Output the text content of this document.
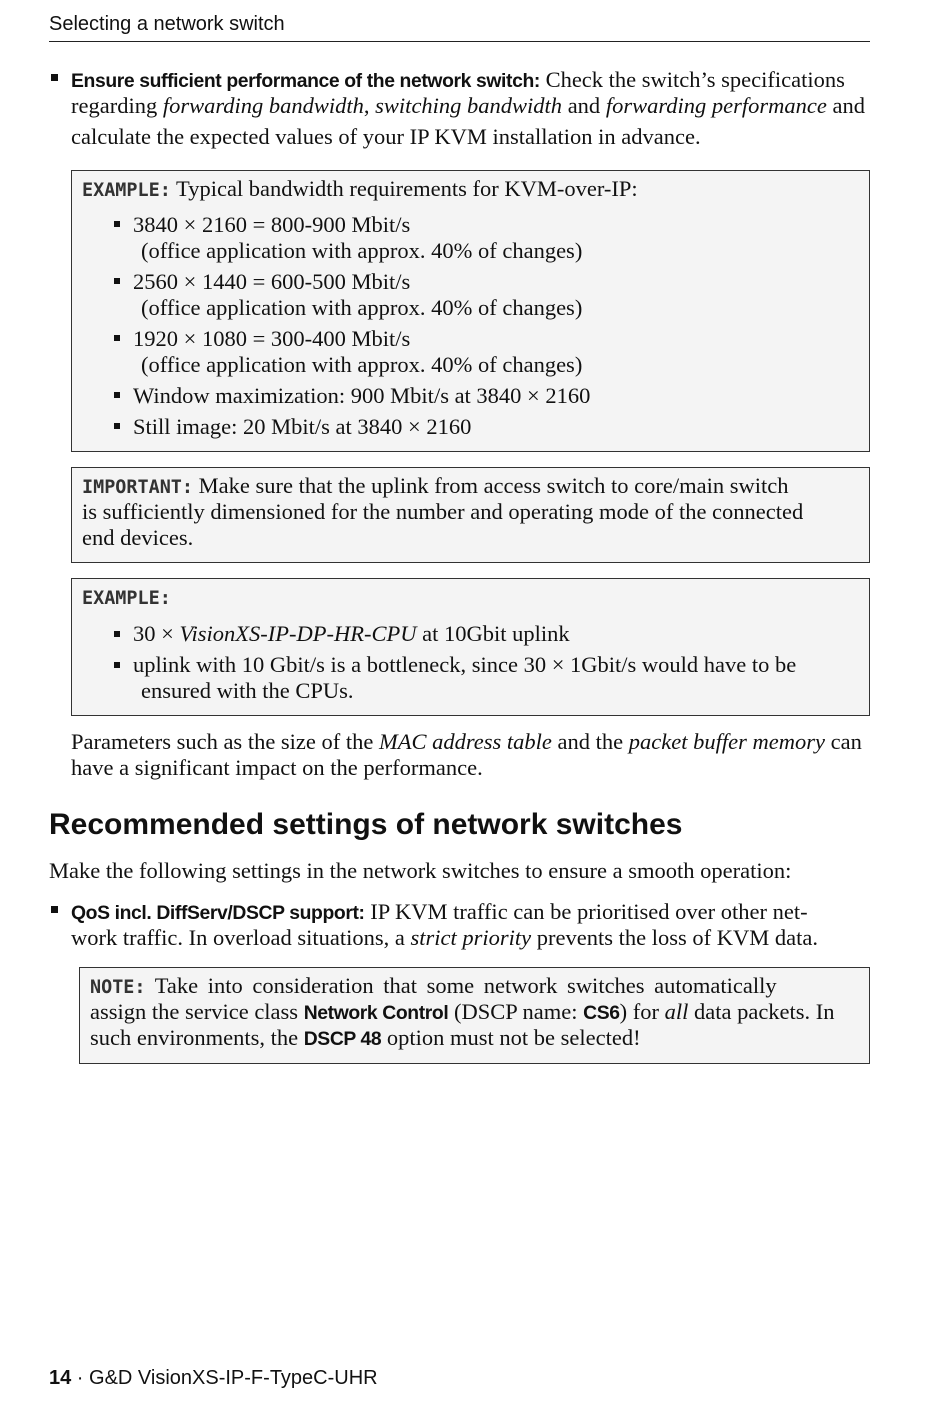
Selecting a network switch
Ensure sufficient performance of the network switch: Check the switch’s specifications
regarding forwarding bandwidth, switching bandwidth and forwarding performance and
calculate the expected values of your IP KVM installation in advance.
EXAMPLE: Typical bandwidth requirements for KVM-over-IP:
3840 × 2160 = 800-900 Mbit/s
(office application with approx. 40% of changes)
2560 × 1440 = 600-500 Mbit/s
(office application with approx. 40% of changes)
1920 × 1080 = 300-400 Mbit/s
(office application with approx. 40% of changes)
Window maximization: 900 Mbit/s at 3840 × 2160
Still image: 20 Mbit/s at 3840 × 2160
IMPORTANT: Make sure that the uplink from access switch to core/main switch
is sufficiently dimensioned for the number and operating mode of the connected
end devices.
EXAMPLE:
30 × VisionXS-IP-DP-HR-CPU at 10Gbit uplink
uplink with 10 Gbit/s is a bottleneck, since 30 × 1Gbit/s would have to be
ensured with the CPUs.
Parameters such as the size of the MAC address table and the packet buffer memory can
have a significant impact on the performance.
Recommended settings of network switches
Make the following settings in the network switches to ensure a smooth operation:
QoS incl. DiffServ/DSCP support: IP KVM traffic can be prioritised over other net-
work traffic. In overload situations, a strict priority prevents the loss of KVM data.
NOTE: Take into consideration that some network switches automatically
assign the service class Network Control (DSCP name: CS6) for all data packets. In
such environments, the DSCP 48 option must not be selected!
14 · G&D VisionXS-IP-F-TypeC-UHR
